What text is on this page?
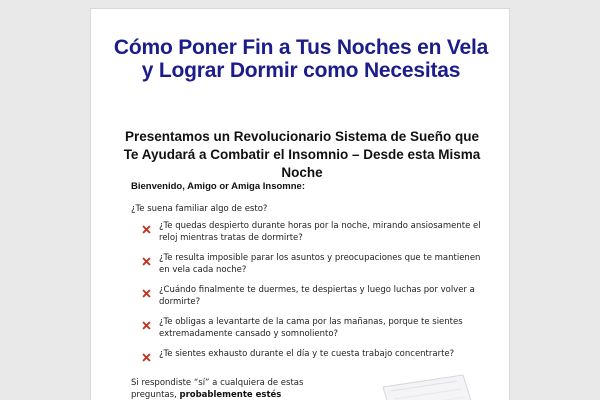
Cómo Poner Fin a Tus Noches en Vela y Lograr Dormir como Necesitas
Presentamos un Revolucionario Sistema de Sueño que Te Ayudará a Combatir el Insomnio – Desde esta Misma Noche

Bienvenido, Amigo or Amiga Insomne:

¿Te suena familiar algo de esto?

¿Te quedas despierto durante horas por la noche, mirando ansiosamente el reloj mientras tratas de dormirte?
¿Te resulta imposible parar los asuntos y preocupaciones que te mantienen en vela cada noche?
¿Cuándo finalmente te duermes, te despiertas y luego luchas por volver a dormirte?
¿Te obligas a levantarte de la cama por las mañanas, porque te sientes extremadamente cansado y somnoliento?
¿Te sientes exhausto durante el día y te cuesta trabajo concentrarte?

Si respondiste “sí” a cualquiera de estas preguntas, probablemente estés
